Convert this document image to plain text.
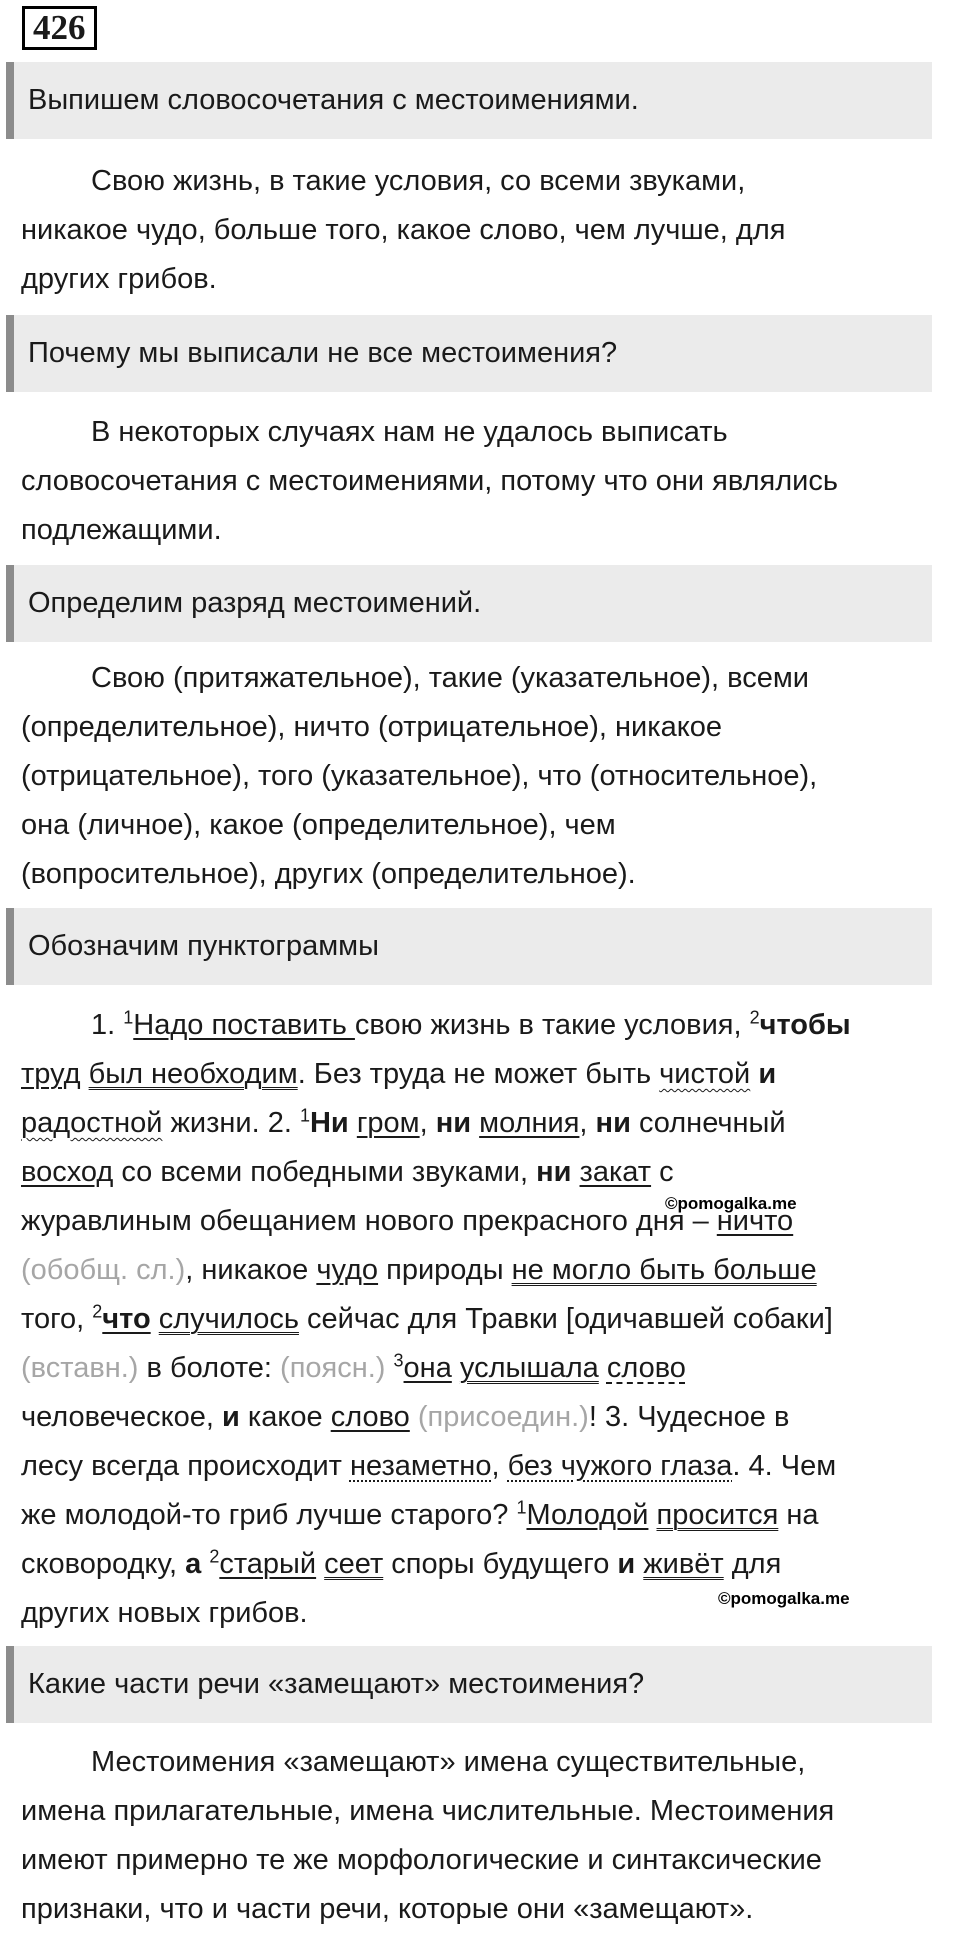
426
Выпишем словосочетания с местоимениями.
Свою жизнь, в такие условия, со всеми звуками,
никакое чудо, больше того, какое слово, чем лучше, для
других грибов.
Почему мы выписали не все местоимения?
В некоторых случаях нам не удалось выписать
словосочетания с местоимениями, потому что они являлись
подлежащими.
Определим разряд местоимений.
Свою (притяжательное), такие (указательное), всеми
(определительное), ничто (отрицательное), никакое
(отрицательное), того (указательное), что (относительное),
она (личное), какое (определительное), чем
(вопросительное), других (определительное).
Обозначим пунктограммы
1. $^1$Надо поставить свою жизнь в такие условия, $^2$чтобы
труд был необходим. Без труда не может быть чистой и
радостной жизни. 2. $^1$Ни гром, ни молния, ни солнечный
восход со всеми победными звуками, ни закат с
журавлиным обещанием нового прекрасного дня – ничто
(обобщ. сл.), никакое чудо природы не могло быть больше
того, $^2$что случилось сейчас для Травки [одичавшей собаки]
(вставн.) в болоте: (поясн.) $^3$она услышала слово
человеческое, и какое слово (присоедин.)! 3. Чудесное в
лесу всегда происходит незаметно, без чужого глаза. 4. Чем
же молодой-то гриб лучше старого? $^1$Молодой просится на
сковородку, а $^2$старый сеет споры будущего и живёт для
других новых грибов.
©pomogalka.me
©pomogalka.me
Какие части речи «замещают» местоимения?
Местоимения «замещают» имена существительные,
имена прилагательные, имена числительные. Местоимения
имеют примерно те же морфологические и синтаксические
признаки, что и части речи, которые они «замещают».
